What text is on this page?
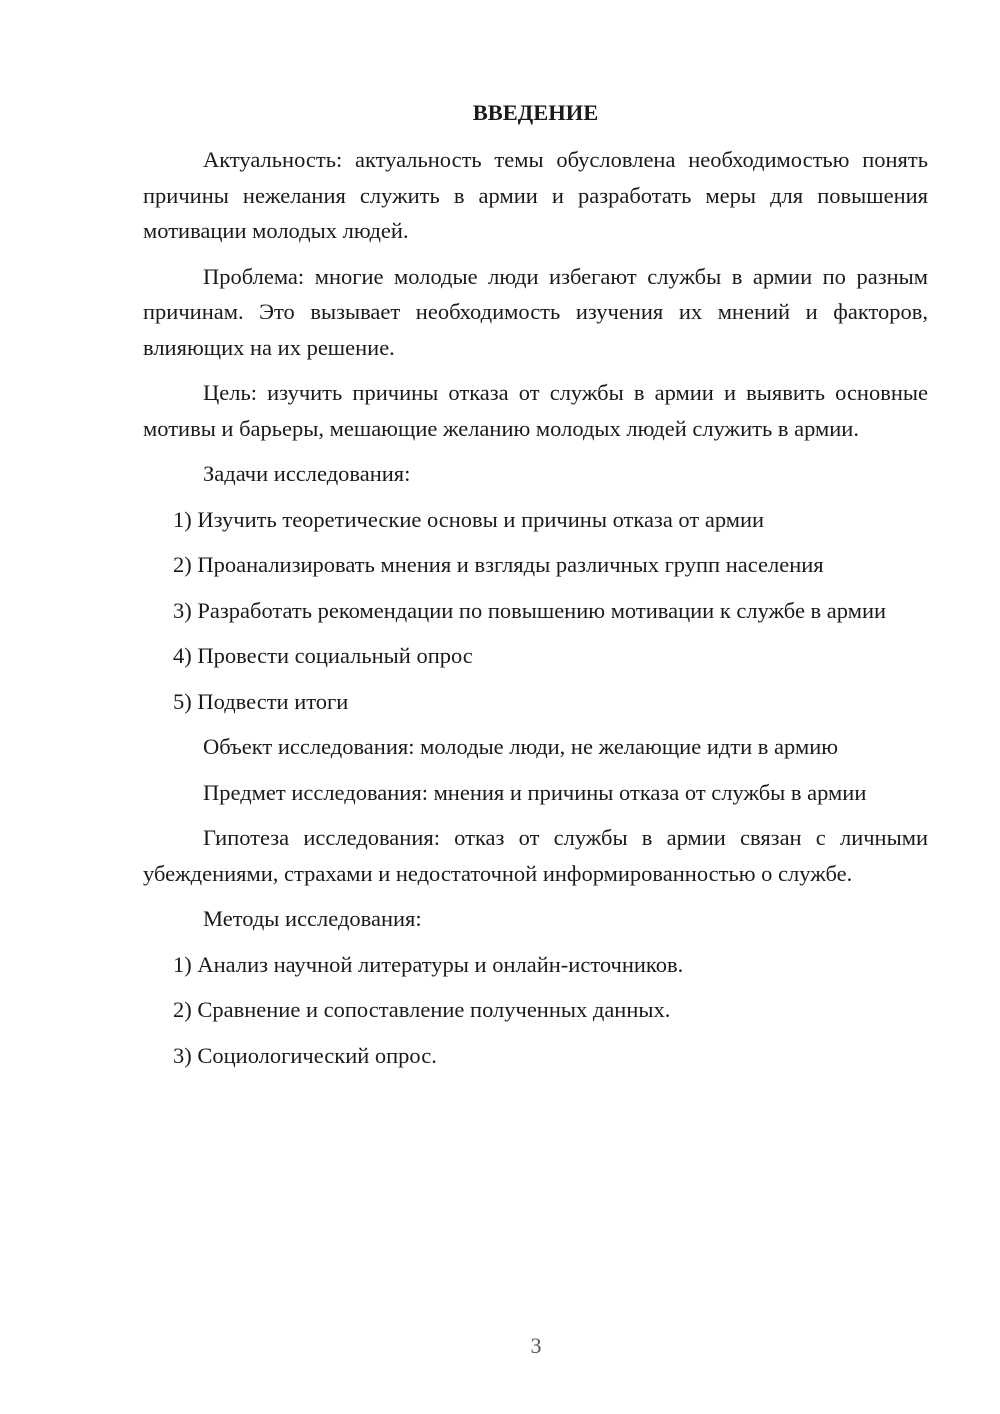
ВВЕДЕНИЕ

Актуальность: актуальность темы обусловлена необходимостью понять причины нежелания служить в армии и разработать меры для повышения мотивации молодых людей.

Проблема: многие молодые люди избегают службы в армии по разным причинам. Это вызывает необходимость изучения их мнений и факторов, влияющих на их решение.

Цель: изучить причины отказа от службы в армии и выявить основные мотивы и барьеры, мешающие желанию молодых людей служить в армии.

Задачи исследования:

1) Изучить теоретические основы и причины отказа от армии

2) Проанализировать мнения и взгляды различных групп населения

3) Разработать рекомендации по повышению мотивации к службе в армии

4) Провести социальный опрос

5) Подвести итоги

Объект исследования: молодые люди, не желающие идти в армию

Предмет исследования: мнения и причины отказа от службы в армии

Гипотеза исследования: отказ от службы в армии связан с личными убеждениями, страхами и недостаточной информированностью о службе.

Методы исследования:

1) Анализ научной литературы и онлайн-источников.

2) Сравнение и сопоставление полученных данных.

3) Социологический опрос.

3
